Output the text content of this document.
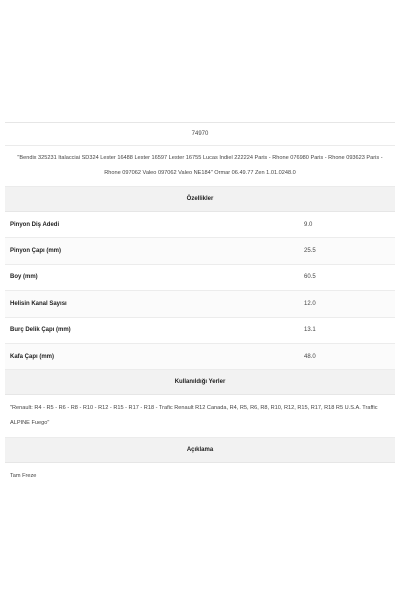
74970
"Bendix 325231 Italacciai SD324 Lester 16488 Lester 16597 Lester 16755 Lucas Indiel 222224 Paris - Rhone 076980 Paris - Rhone 093623 Paris - Rhone 097062 Valeo 097062 Valeo NE184" Ormar 06.49.77 Zen 1.01.0248.0
Özellikler
Pinyon Diş Adedi	9.0
Pinyon Çapı (mm)	25.5
Boy (mm)	60.5
Helisin Kanal Sayısı	12.0
Burç Delik Çapı (mm)	13.1
Kafa Çapı (mm)	48.0
Kullanıldığı Yerler
"Renault: R4 - R5 - R6 - R8 - R10 - R12 - R15 - R17 - R18 - Trafic Renault R12 Canada, R4, R5, R6, R8, R10, R12, R15, R17, R18 R5 U.S.A. Traffic ALPINE Fuego"
Açıklama
Tam Freze
